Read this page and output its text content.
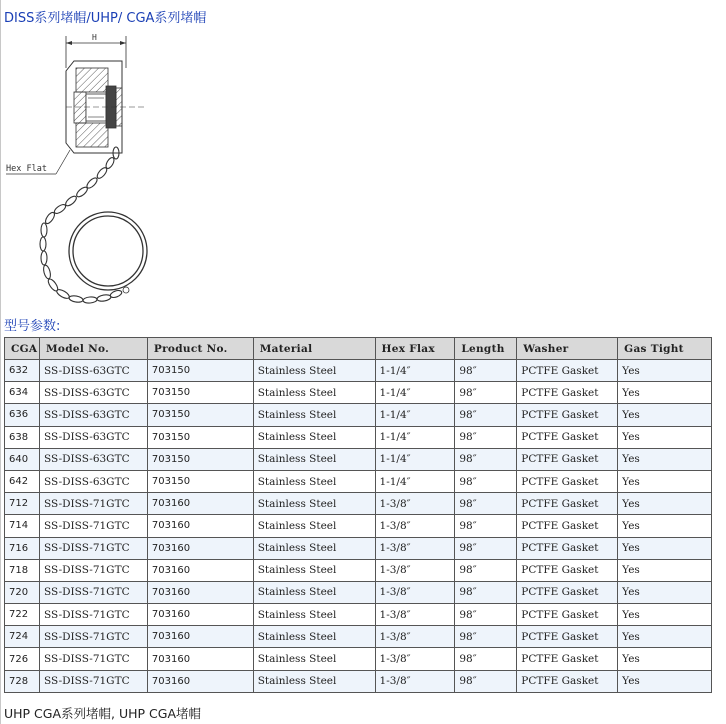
DISS系列堵帽/UHP/ CGA系列堵帽
H
Hex Flat
型号参数:
CGA	Model No.	Product No.	Material	Hex Flax	Length	Washer	Gas Tight
632	SS-DISS-63GTC	703150	Stainless Steel	1-1/4″	98″	PCTFE Gasket	Yes
634	SS-DISS-63GTC	703150	Stainless Steel	1-1/4″	98″	PCTFE Gasket	Yes
636	SS-DISS-63GTC	703150	Stainless Steel	1-1/4″	98″	PCTFE Gasket	Yes
638	SS-DISS-63GTC	703150	Stainless Steel	1-1/4″	98″	PCTFE Gasket	Yes
640	SS-DISS-63GTC	703150	Stainless Steel	1-1/4″	98″	PCTFE Gasket	Yes
642	SS-DISS-63GTC	703150	Stainless Steel	1-1/4″	98″	PCTFE Gasket	Yes
712	SS-DISS-71GTC	703160	Stainless Steel	1-3/8″	98″	PCTFE Gasket	Yes
714	SS-DISS-71GTC	703160	Stainless Steel	1-3/8″	98″	PCTFE Gasket	Yes
716	SS-DISS-71GTC	703160	Stainless Steel	1-3/8″	98″	PCTFE Gasket	Yes
718	SS-DISS-71GTC	703160	Stainless Steel	1-3/8″	98″	PCTFE Gasket	Yes
720	SS-DISS-71GTC	703160	Stainless Steel	1-3/8″	98″	PCTFE Gasket	Yes
722	SS-DISS-71GTC	703160	Stainless Steel	1-3/8″	98″	PCTFE Gasket	Yes
724	SS-DISS-71GTC	703160	Stainless Steel	1-3/8″	98″	PCTFE Gasket	Yes
726	SS-DISS-71GTC	703160	Stainless Steel	1-3/8″	98″	PCTFE Gasket	Yes
728	SS-DISS-71GTC	703160	Stainless Steel	1-3/8″	98″	PCTFE Gasket	Yes
UHP CGA系列堵帽, UHP CGA堵帽
